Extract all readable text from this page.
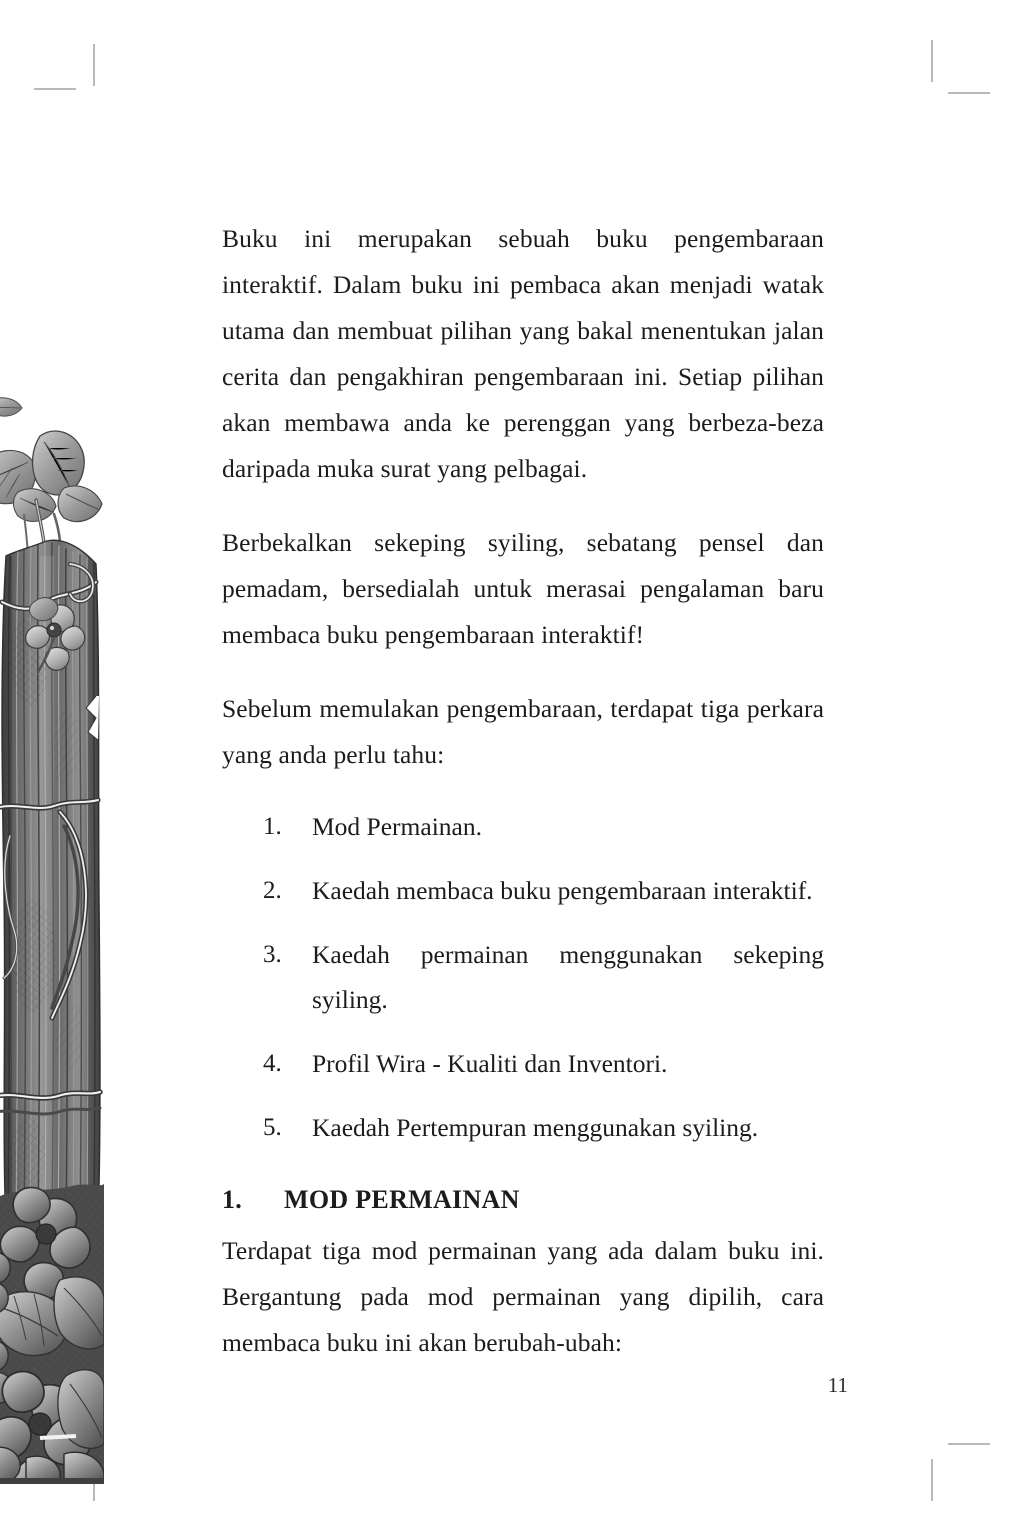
Buku ini merupakan sebuah buku pengembaraan interaktif. Dalam buku ini pembaca akan menjadi watak utama dan membuat pilihan yang bakal menentukan jalan cerita dan pengakhiran pengembaraan ini. Setiap pilihan akan membawa anda ke perenggan yang berbeza-beza daripada muka surat yang pelbagai.

Berbekalkan sekeping syiling, sebatang pensel dan pemadam, bersedialah untuk merasai pengalaman baru membaca buku pengembaraan interaktif!

Sebelum memulakan pengembaraan, terdapat tiga perkara yang anda perlu tahu:

1. Mod Permainan.
2. Kaedah membaca buku pengembaraan interaktif.
3. Kaedah permainan menggunakan sekeping syiling.
4. Profil Wira - Kualiti dan Inventori.
5. Kaedah Pertempuran menggunakan syiling.
1. MOD PERMAINAN

Terdapat tiga mod permainan yang ada dalam buku ini. Bergantung pada mod permainan yang dipilih, cara membaca buku ini akan berubah-ubah:

11
